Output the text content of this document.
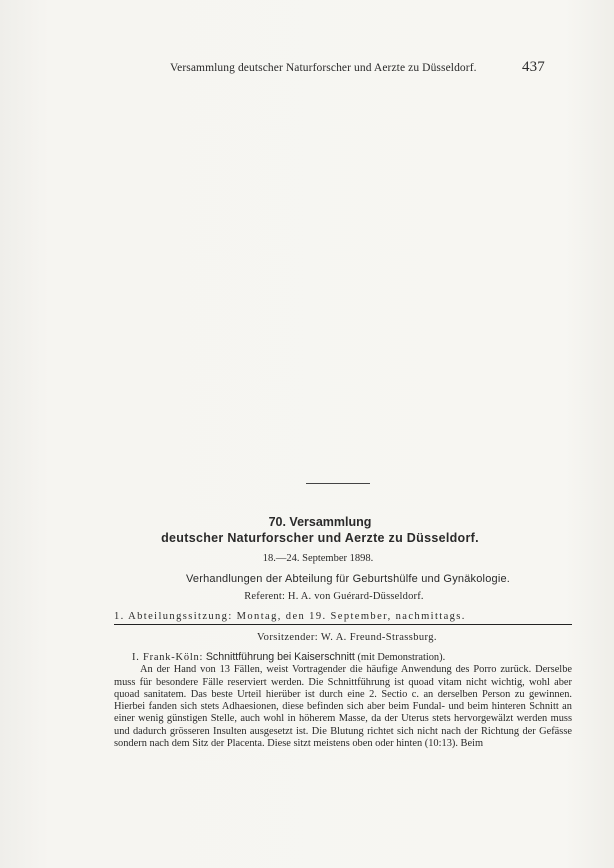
Versammlung deutscher Naturforscher und Aerzte zu Düsseldorf.	437
70. Versammlung
deutscher Naturforscher und Aerzte zu Düsseldorf.
18.—24. September 1898.
Verhandlungen der Abteilung für Geburtshülfe und Gynäkologie.
Referent: H. A. von Guérard-Düsseldorf.
1. Abteilungssitzung: Montag, den 19. September, nachmittags.
Vorsitzender: W. A. Freund-Strassburg.

I. Frank-Köln: Schnittführung bei Kaiserschnitt (mit Demonstration).

An der Hand von 13 Fällen, weist Vortragender die häufige Anwendung des Porro zurück. Derselbe muss für besondere Fälle reserviert werden. Die Schnittführung ist quoad vitam nicht wichtig, wohl aber quoad sanitatem. Das beste Urteil hierüber ist durch eine 2. Sectio c. an derselben Person zu gewinnen. Hierbei fanden sich stets Adhaesionen, diese befinden sich aber beim Fundal- und beim hinteren Schnitt an einer wenig günstigen Stelle, auch wohl in höherem Masse, da der Uterus stets hervorgewälzt werden muss und dadurch grösseren Insulten ausgesetzt ist. Die Blutung richtet sich nicht nach der Richtung der Gefässe sondern nach dem Sitz der Placenta. Diese sitzt meistens oben oder hinten (10:13). Beim
